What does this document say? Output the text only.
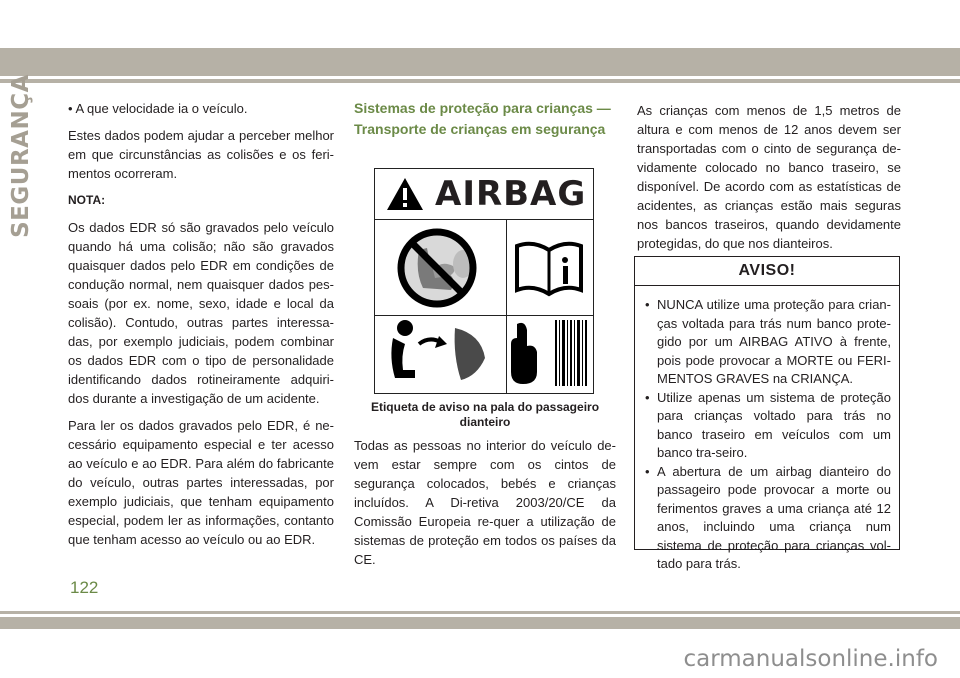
SEGURANÇA	• A que velocidade ia o veículo.

Estes dados podem ajudar a perceber melhor em que circunstâncias as colisões e os feri-mentos ocorreram.

NOTA:

Os dados EDR só são gravados pelo veículo quando há uma colisão; não são gravados quaisquer dados pelo EDR em condições de condução normal, nem quaisquer dados pes-soais (por ex. nome, sexo, idade e local da colisão). Contudo, outras partes interessa-das, por exemplo judiciais, podem combinar os dados EDR com o tipo de personalidade identificando dados rotineiramente adquiri-dos durante a investigação de um acidente.

Para ler os dados gravados pelo EDR, é ne-cessário equipamento especial e ter acesso ao veículo e ao EDR. Para além do fabricante do veículo, outras partes interessadas, por exemplo judiciais, que tenham equipamento especial, podem ler as informações, contanto que tenham acesso ao veículo ou ao EDR.

Sistemas de proteção para crianças — Transporte de crianças em segurança

Todas as pessoas no interior do veículo de-vem estar sempre com os cintos de segurança colocados, bebés e crianças incluídos. A Di-retiva 2003/20/CE da Comissão Europeia re-quer a utilização de sistemas de proteção em todos os países da CE.

AIRBAG
Etiqueta de aviso na pala do passageiro dianteiro

As crianças com menos de 1,5 metros de altura e com menos de 12 anos devem ser transportadas com o cinto de segurança de-vidamente colocado no banco traseiro, se disponível. De acordo com as estatísticas de acidentes, as crianças estão mais seguras nos bancos traseiros, quando devidamente protegidas, do que nos dianteiros.

AVISO!
• NUNCA utilize uma proteção para crian-ças voltada para trás num banco prote-gido por um AIRBAG ATIVO à frente, pois pode provocar a MORTE ou FERI-MENTOS GRAVES na CRIANÇA.
• Utilize apenas um sistema de proteção para crianças voltado para trás no banco traseiro em veículos com um banco tra-seiro.
• A abertura de um airbag dianteiro do passageiro pode provocar a morte ou ferimentos graves a uma criança até 12 anos, incluindo uma criança num sistema de proteção para crianças vol-tado para trás.
122
carmanualsonline.info
